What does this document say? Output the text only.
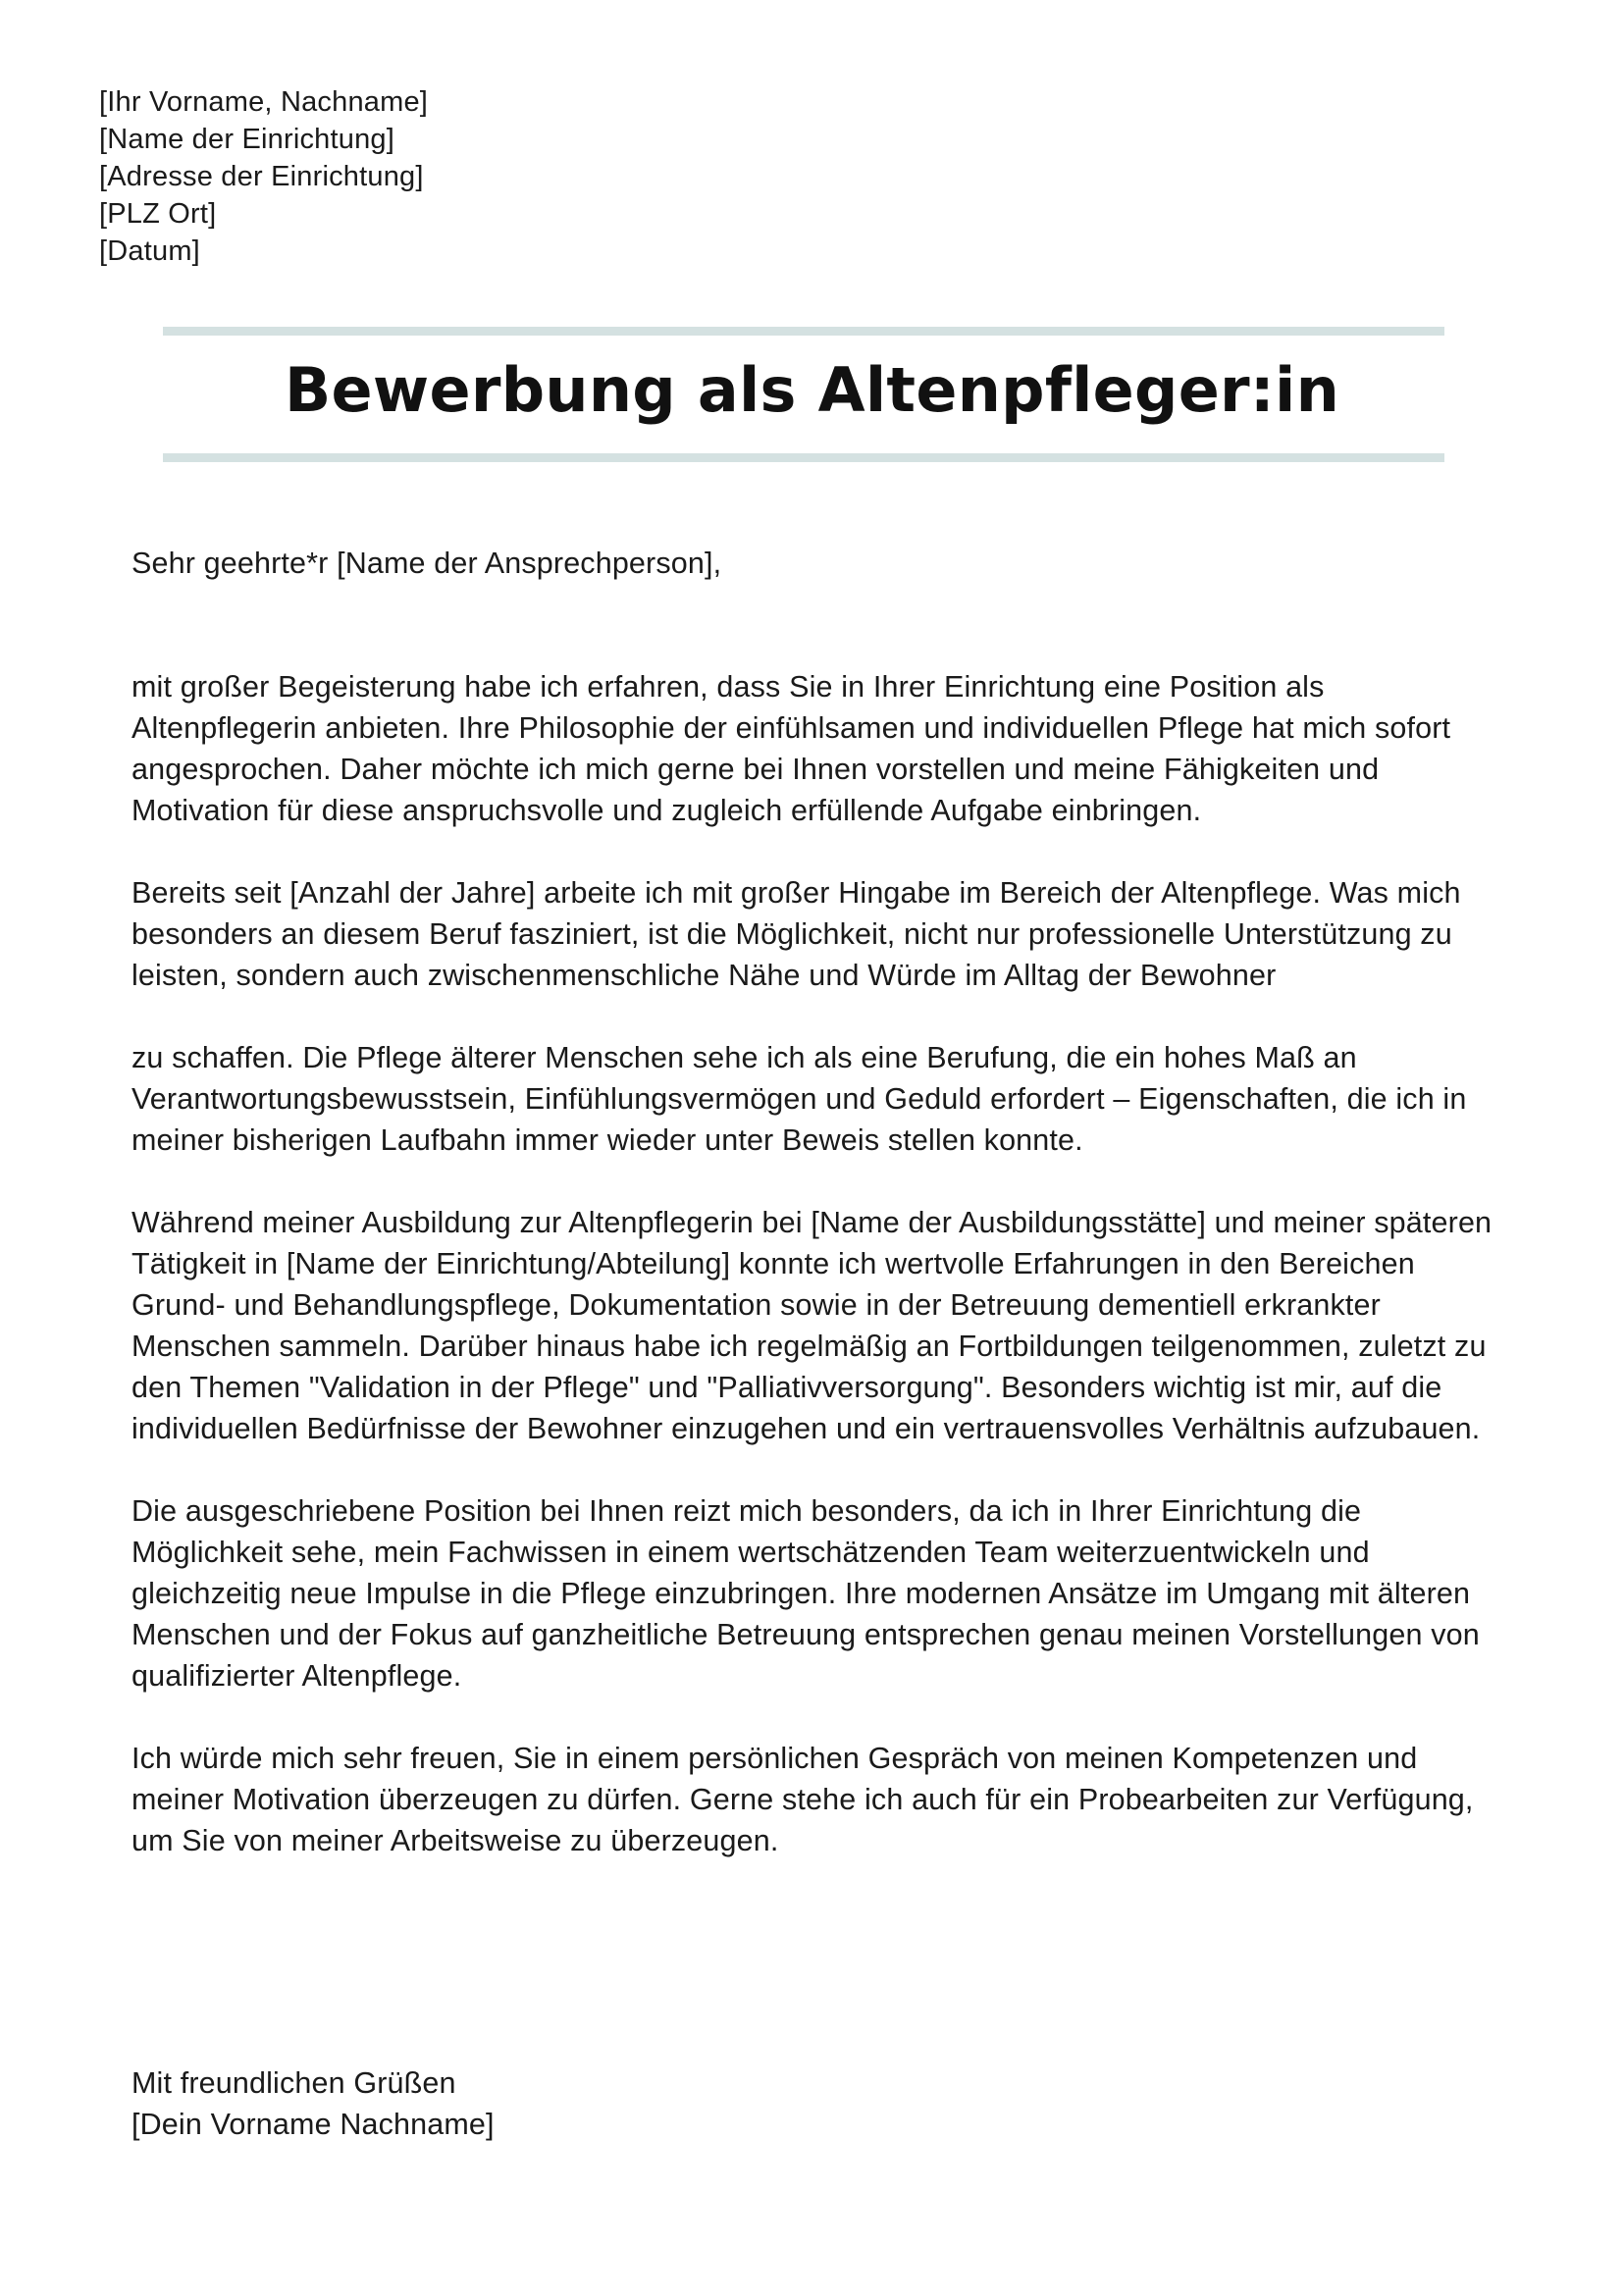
[Ihr Vorname, Nachname]
[Name der Einrichtung]
[Adresse der Einrichtung]
[PLZ Ort]
[Datum]
Bewerbung als Altenpfleger:in
Sehr geehrte*r [Name der Ansprechperson],

mit großer Begeisterung habe ich erfahren, dass Sie in Ihrer Einrichtung eine Position als Altenpflegerin anbieten. Ihre Philosophie der einfühlsamen und individuellen Pflege hat mich sofort angesprochen. Daher möchte ich mich gerne bei Ihnen vorstellen und meine Fähigkeiten und Motivation für diese anspruchsvolle und zugleich erfüllende Aufgabe einbringen.

Bereits seit [Anzahl der Jahre] arbeite ich mit großer Hingabe im Bereich der Altenpflege. Was mich besonders an diesem Beruf fasziniert, ist die Möglichkeit, nicht nur professionelle Unterstützung zu leisten, sondern auch zwischenmenschliche Nähe und Würde im Alltag der Bewohner

zu schaffen. Die Pflege älterer Menschen sehe ich als eine Berufung, die ein hohes Maß an Verantwortungsbewusstsein, Einfühlungsvermögen und Geduld erfordert – Eigenschaften, die ich in meiner bisherigen Laufbahn immer wieder unter Beweis stellen konnte.

Während meiner Ausbildung zur Altenpflegerin bei [Name der Ausbildungsstätte] und meiner späteren Tätigkeit in [Name der Einrichtung/Abteilung] konnte ich wertvolle Erfahrungen in den Bereichen Grund- und Behandlungspflege, Dokumentation sowie in der Betreuung dementiell erkrankter Menschen sammeln. Darüber hinaus habe ich regelmäßig an Fortbildungen teilgenommen, zuletzt zu den Themen "Validation in der Pflege" und "Palliativversorgung". Besonders wichtig ist mir, auf die individuellen Bedürfnisse der Bewohner einzugehen und ein vertrauensvolles Verhältnis aufzubauen.

Die ausgeschriebene Position bei Ihnen reizt mich besonders, da ich in Ihrer Einrichtung die Möglichkeit sehe, mein Fachwissen in einem wertschätzenden Team weiterzuentwickeln und gleichzeitig neue Impulse in die Pflege einzubringen. Ihre modernen Ansätze im Umgang mit älteren Menschen und der Fokus auf ganzheitliche Betreuung entsprechen genau meinen Vorstellungen von qualifizierter Altenpflege.

Ich würde mich sehr freuen, Sie in einem persönlichen Gespräch von meinen Kompetenzen und meiner Motivation überzeugen zu dürfen. Gerne stehe ich auch für ein Probearbeiten zur Verfügung, um Sie von meiner Arbeitsweise zu überzeugen.

Mit freundlichen Grüßen
[Dein Vorname Nachname]
